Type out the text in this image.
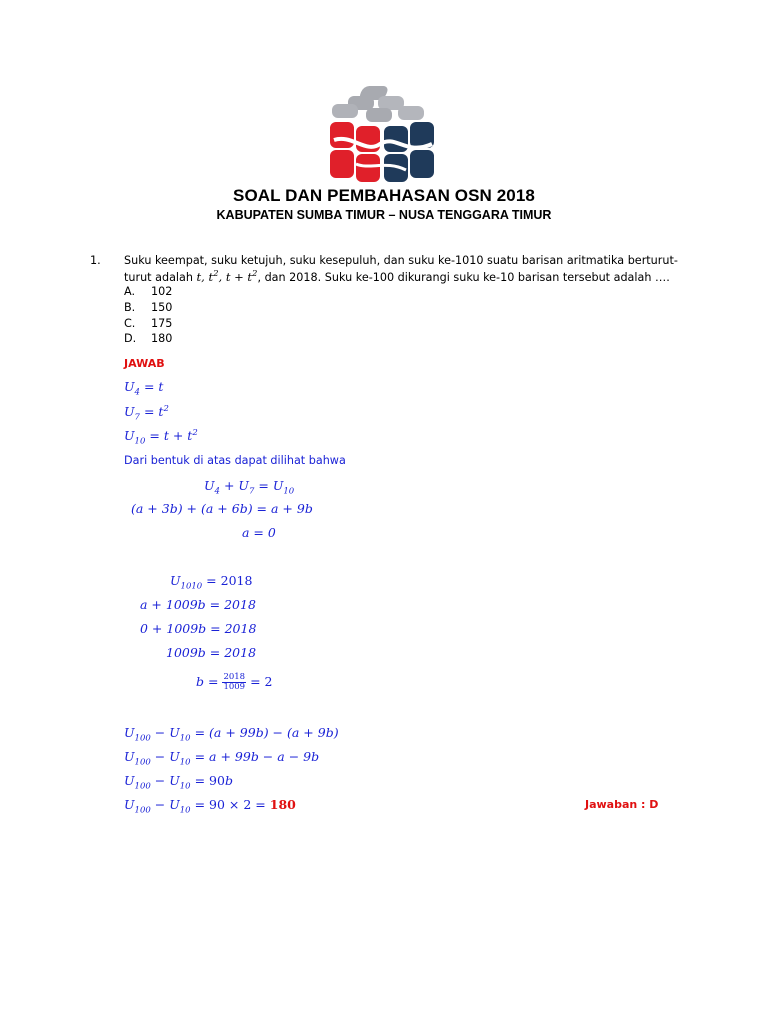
SOAL DAN PEMBAHASAN OSN 2018
KABUPATEN SUMBA TIMUR – NUSA TENGGARA TIMUR
1. Suku keempat, suku ketujuh, suku kesepuluh, dan suku ke-1010 suatu barisan aritmatika berturut-
turut adalah t, $t^2$, $t + t^2$, dan 2018. Suku ke-100 dikurangi suku ke-10 barisan tersebut adalah ….
A. 102
B. 150
C. 175
D. 180
JAWAB
$U_4 = t$
$U_7 = t^2$
$U_{10} = t + t^2$
Dari bentuk di atas dapat dilihat bahwa
$U_4 + U_7 = U_{10}$
(a + 3b) + (a + 6b) = a + 9b
a = 0
$U_{1010} = 2018$
a + 1009b = 2018
0 + 1009b = 2018
1009b = 2018
$b = \frac{2018}{1009} = 2$
$U_{100} - U_{10} = (a + 99b) - (a + 9b)$
$U_{100} - U_{10} = a + 99b - a - 9b$
$U_{100} - U_{10} = 90b$
$U_{100} - U_{10} = 90 \times 2 = 180$	Jawaban : D
